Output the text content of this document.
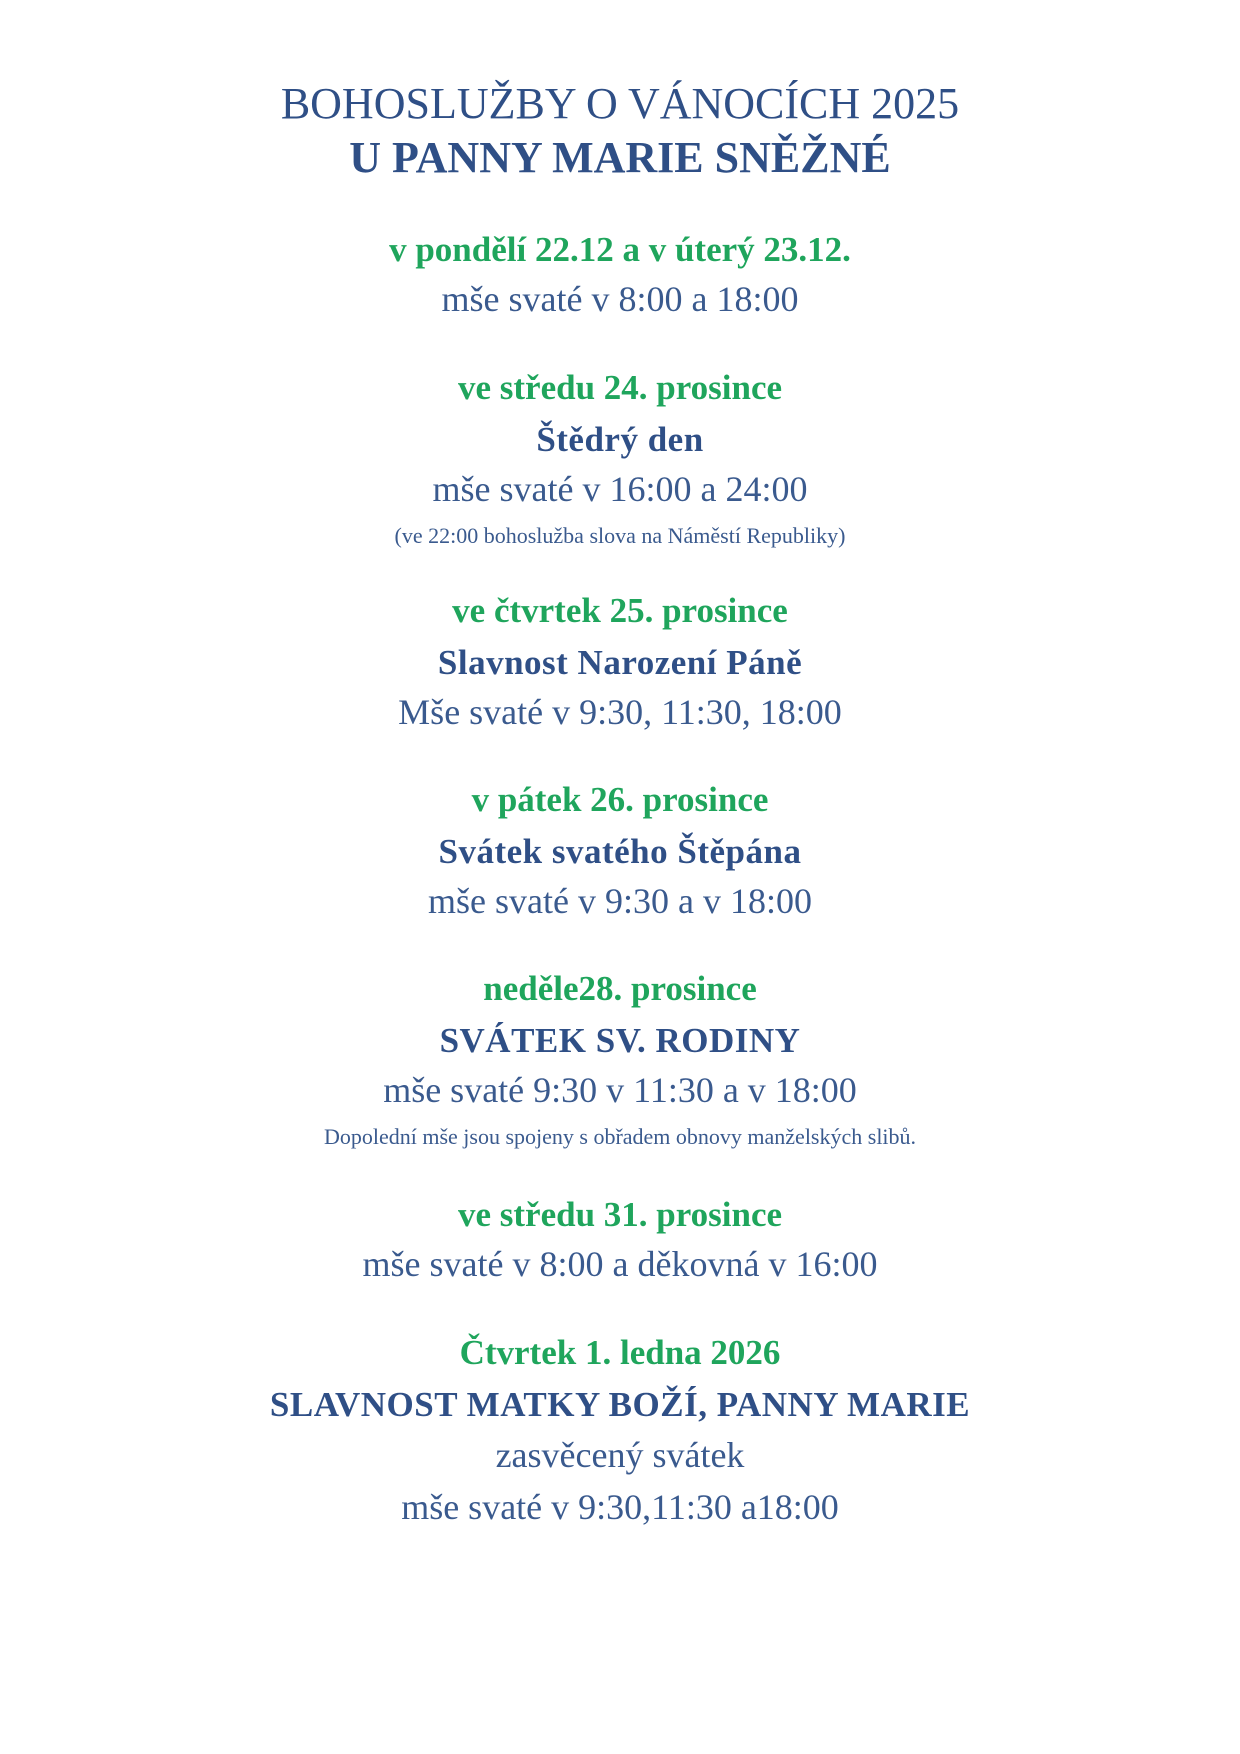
BOHOSLUŽBY O VÁNOCÍCH 2025
U PANNY MARIE SNĚŽNÉ
v pondělí 22.12 a v úterý 23.12.
mše svaté v 8:00 a 18:00
ve středu 24. prosince
Štědrý den
mše svaté v 16:00 a 24:00
(ve 22:00 bohoslužba slova na Náměstí Republiky)
ve čtvrtek 25. prosince
Slavnost Narození Páně
Mše svaté v 9:30, 11:30, 18:00
v pátek 26. prosince
Svátek svatého Štěpána
mše svaté v 9:30 a v 18:00
neděle28. prosince
SVÁTEK SV. RODINY
mše svaté 9:30 v 11:30 a v 18:00
Dopolední mše jsou spojeny s obřadem obnovy manželských slibů.
ve středu 31. prosince
mše svaté v 8:00 a děkovná v 16:00
Čtvrtek 1. ledna 2026
SLAVNOST MATKY BOŽÍ, PANNY MARIE
zasvěcený svátek
mše svaté v 9:30,11:30 a18:00
